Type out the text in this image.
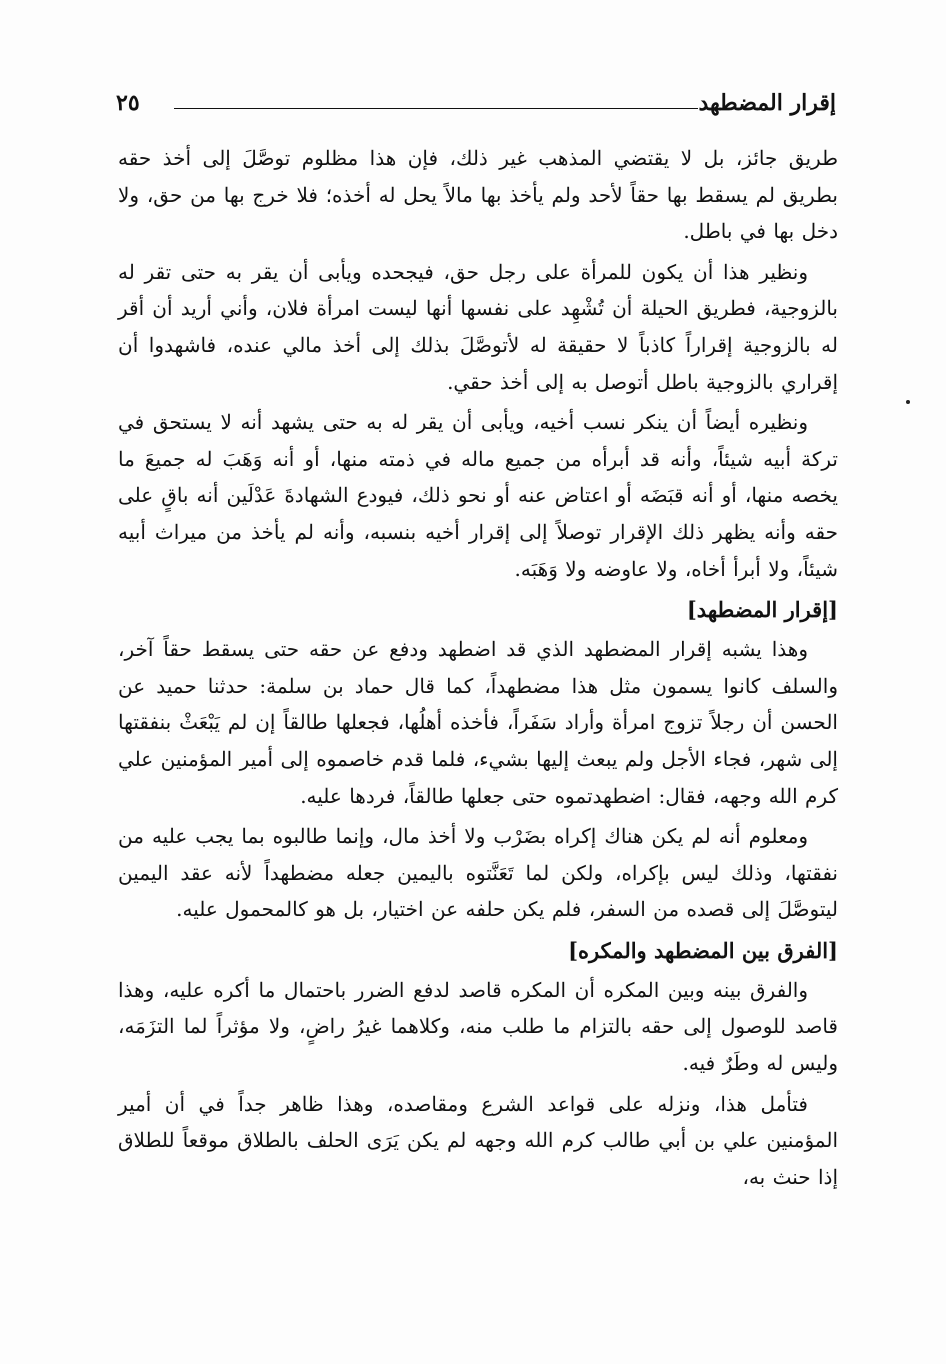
إقرار المضطهد
٢٥

طريق جائز، بل لا يقتضي المذهب غير ذلك، فإن هذا مظلوم توصَّلَ إلى أخذ حقه بطريق لم يسقط بها حقاً لأحد ولم يأخذ بها مالاً يحل له أخذه؛ فلا خرج بها من حق، ولا دخل بها في باطل.

ونظير هذا أن يكون للمرأة على رجل حق، فيجحده ويأبى أن يقر به حتى تقر له بالزوجية، فطريق الحيلة أن تُشْهِد على نفسها أنها ليست امرأة فلان، وأني أريد أن أقر له بالزوجية إقراراً كاذباً لا حقيقة له لأتوصَّلَ بذلك إلى أخذ مالي عنده، فاشهدوا أن إقراري بالزوجية باطل أتوصل به إلى أخذ حقي.

ونظيره أيضاً أن ينكر نسب أخيه، ويأبى أن يقر له به حتى يشهد أنه لا يستحق في تركة أبيه شيئاً، وأنه قد أبرأه من جميع ماله في ذمته منها، أو أنه وَهَبَ له جميعَ ما يخصه منها، أو أنه قبَضَه أو اعتاض عنه أو نحو ذلك، فيودع الشهادةَ عَدْلَين أنه باقٍ على حقه وأنه يظهر ذلك الإقرار توصلاً إلى إقرار أخيه بنسبه، وأنه لم يأخذ من ميراث أبيه شيئاً، ولا أبرأ أخاه، ولا عاوضه ولا وَهَبَه.

[إقرار المضطهد]

وهذا يشبه إقرار المضطهد الذي قد اضطهد ودفع عن حقه حتى يسقط حقاً آخر، والسلف كانوا يسمون مثل هذا مضطهداً، كما قال حماد بن سلمة: حدثنا حميد عن الحسن أن رجلاً تزوج امرأة وأراد سَفَراً، فأخذه أهلُها، فجعلها طالقاً إن لم يَبْعَثْ بنفقتها إلى شهر، فجاء الأجل ولم يبعث إليها بشيء، فلما قدم خاصموه إلى أمير المؤمنين علي كرم الله وجهه، فقال: اضطهدتموه حتى جعلها طالقاً، فردها عليه.

ومعلوم أنه لم يكن هناك إكراه بضَرْب ولا أخذ مال، وإنما طالبوه بما يجب عليه من نفقتها، وذلك ليس بإكراه، ولكن لما تَعَنَّتوه باليمين جعله مضطهداً لأنه عقد اليمين ليتوصَّلَ إلى قصده من السفر، فلم يكن حلفه عن اختيار، بل هو كالمحمول عليه.

[الفرق بين المضطهد والمكره]

والفرق بينه وبين المكره أن المكره قاصد لدفع الضرر باحتمال ما أكره عليه، وهذا قاصد للوصول إلى حقه بالتزام ما طلب منه، وكلاهما غيرُ راضٍ، ولا مؤثراً لما التزَمَه، وليس له وطَرٌ فيه.

فتأمل هذا، ونزله على قواعد الشرع ومقاصده، وهذا ظاهر جداً في أن أمير المؤمنين علي بن أبي طالب كرم الله وجهه لم يكن يَرَى الحلف بالطلاق موقعاً للطلاق إذا حنث به،
